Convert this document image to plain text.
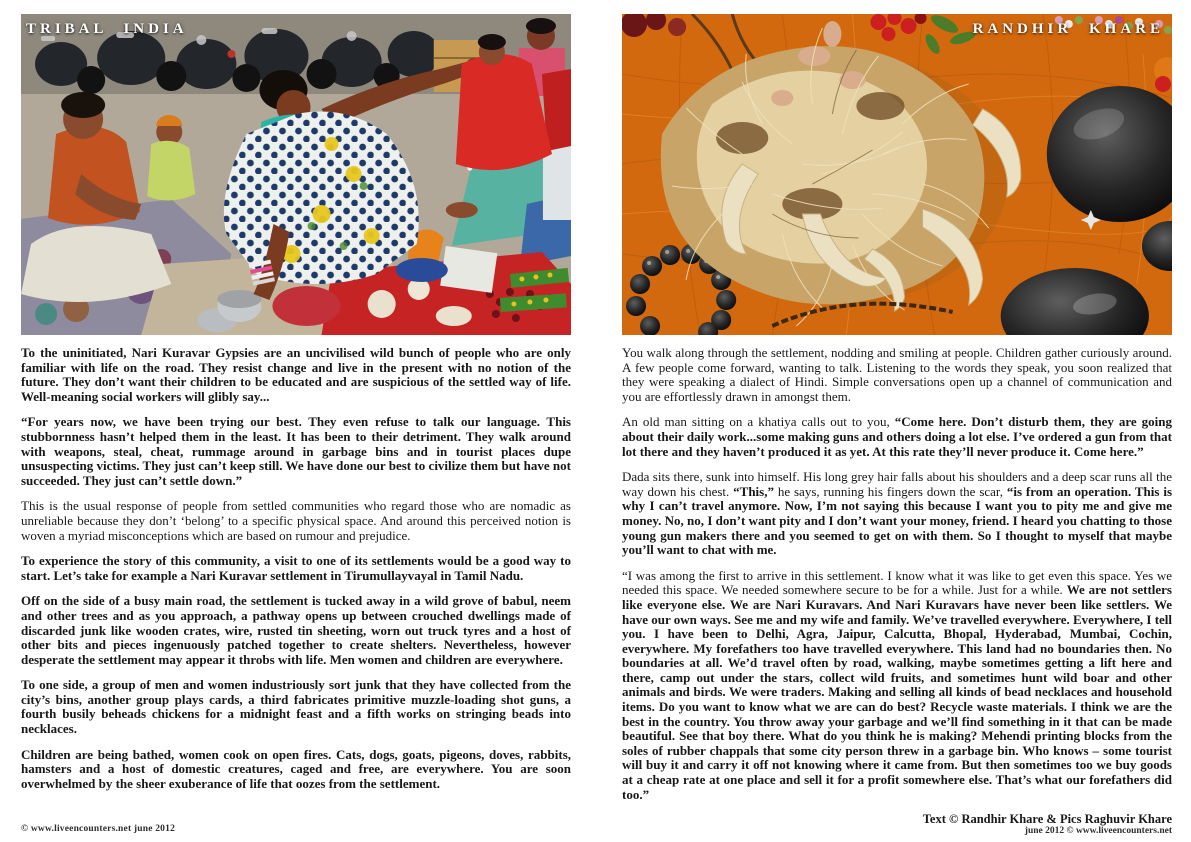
TRIBAL INDIA

To the uninitiated, Nari Kuravar Gypsies are an uncivilised wild bunch of people who are only familiar with life on the road. They resist change and live in the present with no notion of the future. They don’t want their children to be educated and are suspicious of the settled way of life. Well-meaning social workers will glibly say...

“For years now, we have been trying our best. They even refuse to talk our language. This stubbornness hasn’t helped them in the least. It has been to their detriment. They walk around with weapons, steal, cheat, rummage around in garbage bins and in tourist places dupe unsuspecting victims. They just can’t keep still. We have done our best to civilize them but have not succeeded. They just can’t settle down.”

This is the usual response of people from settled communities who regard those who are nomadic as unreliable because they don’t ‘belong’ to a specific physical space. And around this perceived notion is woven a myriad misconceptions which are based on rumour and prejudice.

To experience the story of this community, a visit to one of its settlements would be a good way to start. Let’s take for example a Nari Kuravar settlement in Tirumullayvayal in Tamil Nadu.

Off on the side of a busy main road, the settlement is tucked away in a wild grove of babul, neem and other trees and as you approach, a pathway opens up between crouched dwellings made of discarded junk like wooden crates, wire, rusted tin sheeting, worn out truck tyres and a host of other bits and pieces ingenuously patched together to create shelters. Nevertheless, however desperate the settlement may appear it throbs with life. Men women and children are everywhere.

To one side, a group of men and women industriously sort junk that they have collected from the city’s bins, another group plays cards, a third fabricates primitive muzzle-loading shot guns, a fourth busily beheads chickens for a midnight feast and a fifth works on stringing beads into necklaces.

Children are being bathed, women cook on open fires. Cats, dogs, goats, pigeons, doves, rabbits, hamsters and a host of domestic creatures, caged and free, are everywhere. You are soon overwhelmed by the sheer exuberance of life that oozes from the settlement.

RANDHIR KHARE

You walk along through the settlement, nodding and smiling at people. Children gather curiously around. A few people come forward, wanting to talk. Listening to the words they speak, you soon realized that they were speaking a dialect of Hindi. Simple conversations open up a channel of communication and you are effortlessly drawn in amongst them.

An old man sitting on a khatiya calls out to you, “Come here. Don’t disturb them, they are going about their daily work...some making guns and others doing a lot else. I’ve ordered a gun from that lot there and they haven’t produced it as yet. At this rate they’ll never produce it. Come here.”

Dada sits there, sunk into himself. His long grey hair falls about his shoulders and a deep scar runs all the way down his chest. “This,” he says, running his fingers down the scar, “is from an operation. This is why I can’t travel anymore. Now, I’m not saying this because I want you to pity me and give me money. No, no, I don’t want pity and I don’t want your money, friend. I heard you chatting to those young gun makers there and you seemed to get on with them. So I thought to myself that maybe you’ll want to chat with me.

“I was among the first to arrive in this settlement. I know what it was like to get even this space. Yes we needed this space. We needed somewhere secure to be for a while. Just for a while. We are not settlers like everyone else. We are Nari Kuravars. And Nari Kuravars have never been like settlers. We have our own ways. See me and my wife and family. We’ve travelled everywhere. Everywhere, I tell you. I have been to Delhi, Agra, Jaipur, Calcutta, Bhopal, Hyderabad, Mumbai, Cochin, everywhere. My forefathers too have travelled everywhere. This land had no boundaries then. No boundaries at all. We’d travel often by road, walking, maybe sometimes getting a lift here and there, camp out under the stars, collect wild fruits, and sometimes hunt wild boar and other animals and birds. We were traders. Making and selling all kinds of bead necklaces and household items. Do you want to know what we are can do best? Recycle waste materials. I think we are the best in the country. You throw away your garbage and we’ll find something in it that can be made beautiful. See that boy there. What do you think he is making? Mehendi printing blocks from the soles of rubber chappals that some city person threw in a garbage bin. Who knows – some tourist will buy it and carry it off not knowing where it came from. But then sometimes too we buy goods at a cheap rate at one place and sell it for a profit somewhere else. That’s what our forefathers did too.”

© www.liveencounters.net june 2012
Text © Randhir Khare & Pics Raghuvir Khare
june 2012 © www.liveencounters.net
